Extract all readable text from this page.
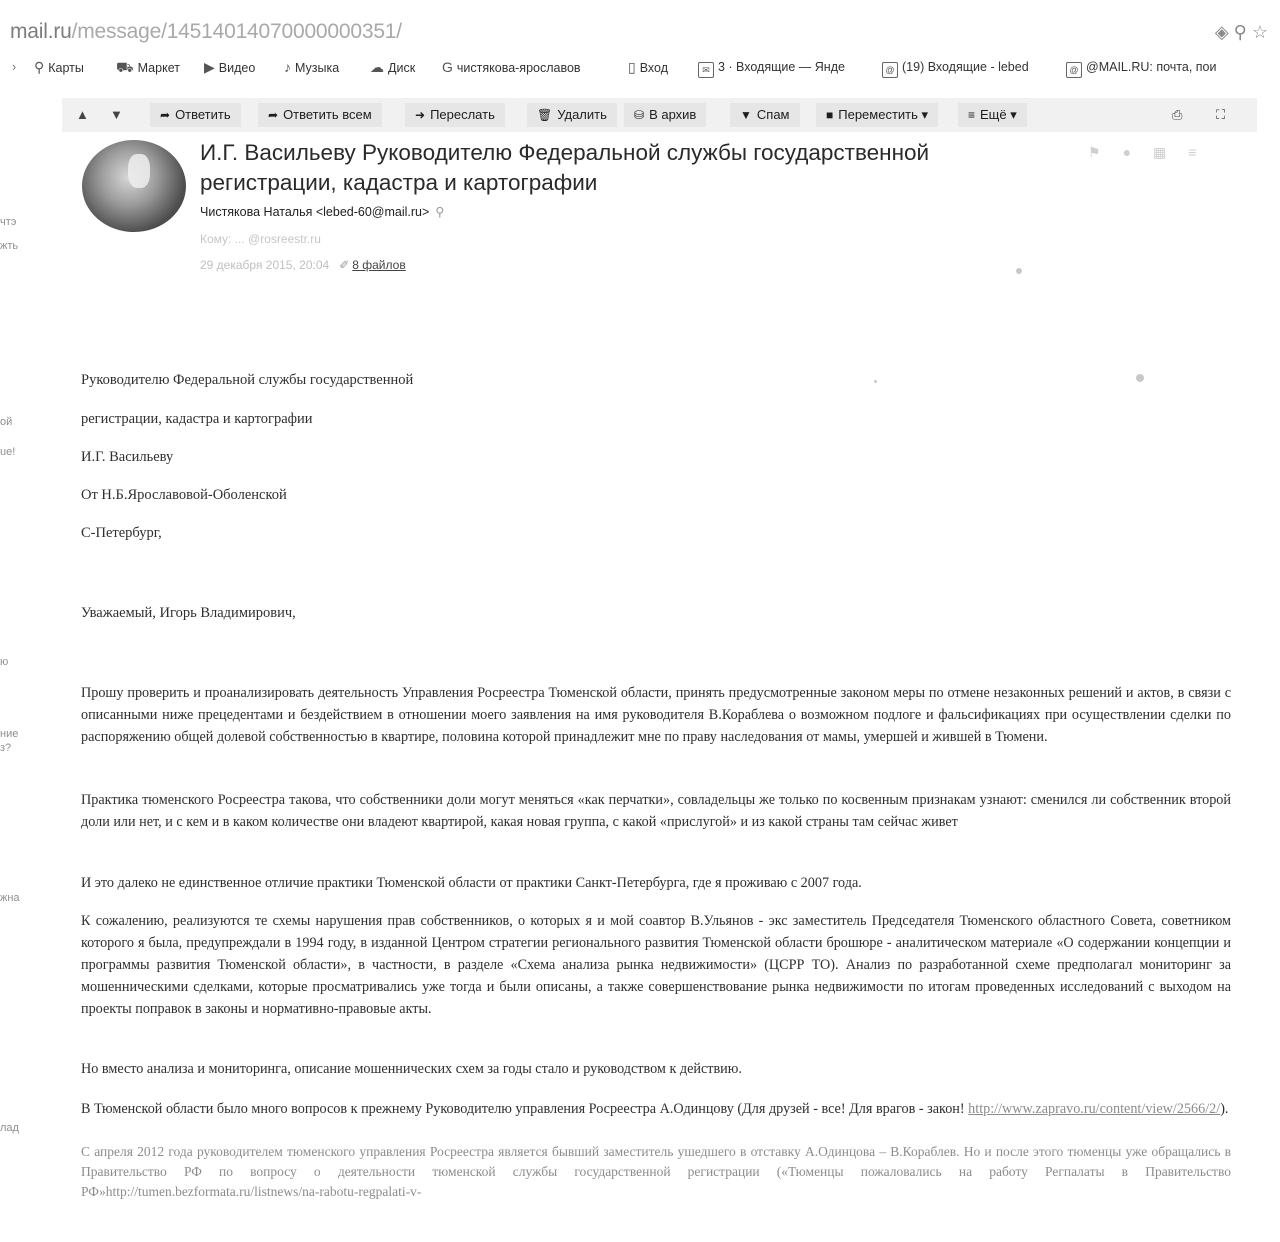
mail.ru/message/14514014070000000351/	◈ ⚲ ☆
› ⚲ Карты ⛟ Маркет ▶ Видео ♪ Музыка ☁ Диск G чистякова-ярославов	▯ Вход	✉ 3 · Входящие — Янде	@ (19) Входящие - lebed	@ @MAIL.RU: почта, пои
▲	▼	➦ Ответить	➦ Ответить всем	➜ Переслать	🗑 Удалить	⛁ В архив	▼ Спам	■ Переместить ▾	≡ Ещё ▾	⎙	⛶
И.Г. Васильеву Руководителю Федеральной службы государственной регистрации, кадастра и картографии
Чистякова Наталья <lebed-60@mail.ru> ⚲
Кому: ... @rosreestr.ru
29 декабря 2015, 20:04 ✐ 8 файлов
⚑ ● ▦ ≡
чтэ
жть
ой
ue!
ю
ние
з?
жна
лад
Руководителю Федеральной службы государственной
регистрации, кадастра и картографии
И.Г. Васильеву
От Н.Б.Ярославовой-Оболенской
С-Петербург,
Уважаемый, Игорь Владимирович,
Прошу проверить и проанализировать деятельность Управления Росреестра Тюменской области, принять предусмотренные законом меры по отмене незаконных решений и актов, в связи с описанными ниже прецедентами и бездействием в отношении моего заявления на имя руководителя В.Кораблева о возможном подлоге и фальсификациях при осуществлении сделки по распоряжению общей долевой собственностью в квартире, половина которой принадлежит мне по праву наследования от мамы, умершей и жившей в Тюмени.
Практика тюменского Росреестра такова, что собственники доли могут меняться «как перчатки», совладельцы же только по косвенным признакам узнают: сменился ли собственник второй доли или нет, и с кем и в каком количестве они владеют квартирой, какая новая группа, с какой «прислугой» и из какой страны там сейчас живет
И это далеко не единственное отличие практики Тюменской области от практики Санкт-Петербурга, где я проживаю с 2007 года.
К сожалению, реализуются те схемы нарушения прав собственников, о которых я и мой соавтор В.Ульянов - экс заместитель Председателя Тюменского областного Совета, советником которого я была, предупреждали в 1994 году, в изданной Центром стратегии регионального развития Тюменской области брошюре - аналитическом материале «О содержании концепции и программы развития Тюменской области», в частности, в разделе «Схема анализа рынка недвижимости» (ЦСРР ТО). Анализ по разработанной схеме предполагал мониторинг за мошенническими сделками, которые просматривались уже тогда и были описаны, а также совершенствование рынка недвижимости по итогам проведенных исследований с выходом на проекты поправок в законы и нормативно-правовые акты.
Но вместо анализа и мониторинга, описание мошеннических схем за годы стало и руководством к действию.
В Тюменской области было много вопросов к прежнему Руководителю управления Росреестра А.Одинцову (Для друзей - все! Для врагов - закон! http://www.zapravo.ru/content/view/2566/2/).
С апреля 2012 года руководителем тюменского управления Росреестра является бывший заместитель ушедшего в отставку А.Одинцова – В.Кораблев. Но и после этого тюменцы уже обращались в Правительство РФ по вопросу о деятельности тюменской службы государственной регистрации («Тюменцы пожаловались на работу Регпалаты в Правительство РФ»http://tumen.bezformata.ru/listnews/na-rabotu-regpalati-v-
